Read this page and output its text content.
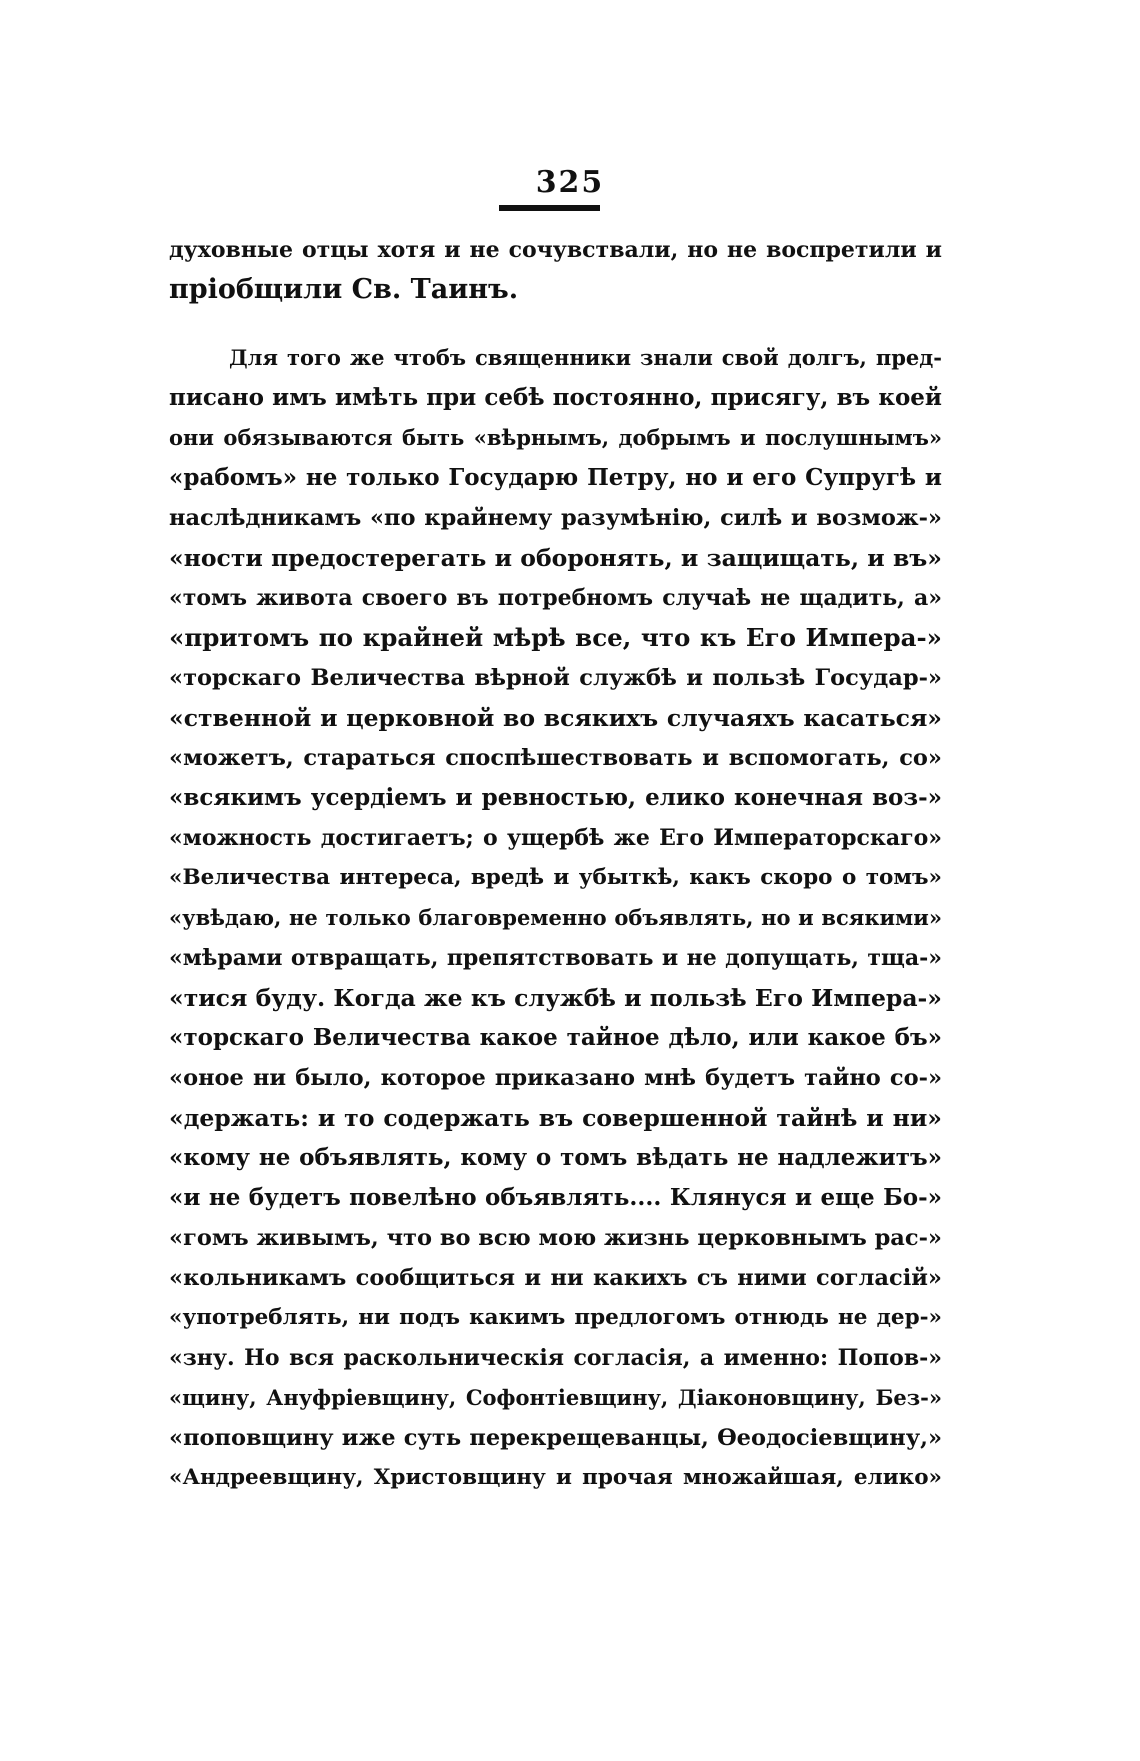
325
духовные отцы хотя и не сочувствали, но не воспретили и
пріобщили Св. Таинъ.
Для того же чтобъ священники знали свой долгъ, пред-
писано имъ имѣть при себѣ постоянно, присягу, въ коей
они обязываются быть «вѣрнымъ, добрымъ и послушнымъ»
«рабомъ» не только Государю Петру, но и его Супругѣ и
наслѣдникамъ «по крайнему разумѣнію, силѣ и возмож-»
«ности предостерегать и оборонять, и защищать, и въ»
«томъ живота своего въ потребномъ случаѣ не щадить, а»
«притомъ по крайней мѣрѣ все, что къ Его Импера-»
«торскаго Величества вѣрной службѣ и пользѣ Государ-»
«ственной и церковной во всякихъ случаяхъ касаться»
«можетъ, стараться споспѣшествовать и вспомогать, со»
«всякимъ усердіемъ и ревностью, елико конечная воз-»
«можность достигаетъ; о ущербѣ же Его Императорскаго»
«Величества интереса, вредѣ и убыткѣ, какъ скоро о томъ»
«увѣдаю, не только благовременно объявлять, но и всякими»
«мѣрами отвращать, препятствовать и не допущать, тща-»
«тися буду. Когда же къ службѣ и пользѣ Его Импера-»
«торскаго Величества какое тайное дѣло, или какое бъ»
«оное ни было, которое приказано мнѣ будетъ тайно со-»
«держать: и то содержать въ совершенной тайнѣ и ни»
«кому не объявлять, кому о томъ вѣдать не надлежитъ»
«и не будетъ повелѣно объявлять.... Клянуся и еще Бо-»
«гомъ живымъ, что во всю мою жизнь церковнымъ рас-»
«кольникамъ сообщиться и ни какихъ съ ними согласій»
«употреблять, ни подъ какимъ предлогомъ отнюдь не дер-»
«зну. Но вся раскольническія согласія, а именно: Попов-»
«щину, Ануфріевщину, Софонтіевщину, Діаконовщину, Без-»
«поповщину иже суть перекрещеванцы, Өеодосіевщину,»
«Андреевщину, Христовщину и прочая множайшая, елико»
